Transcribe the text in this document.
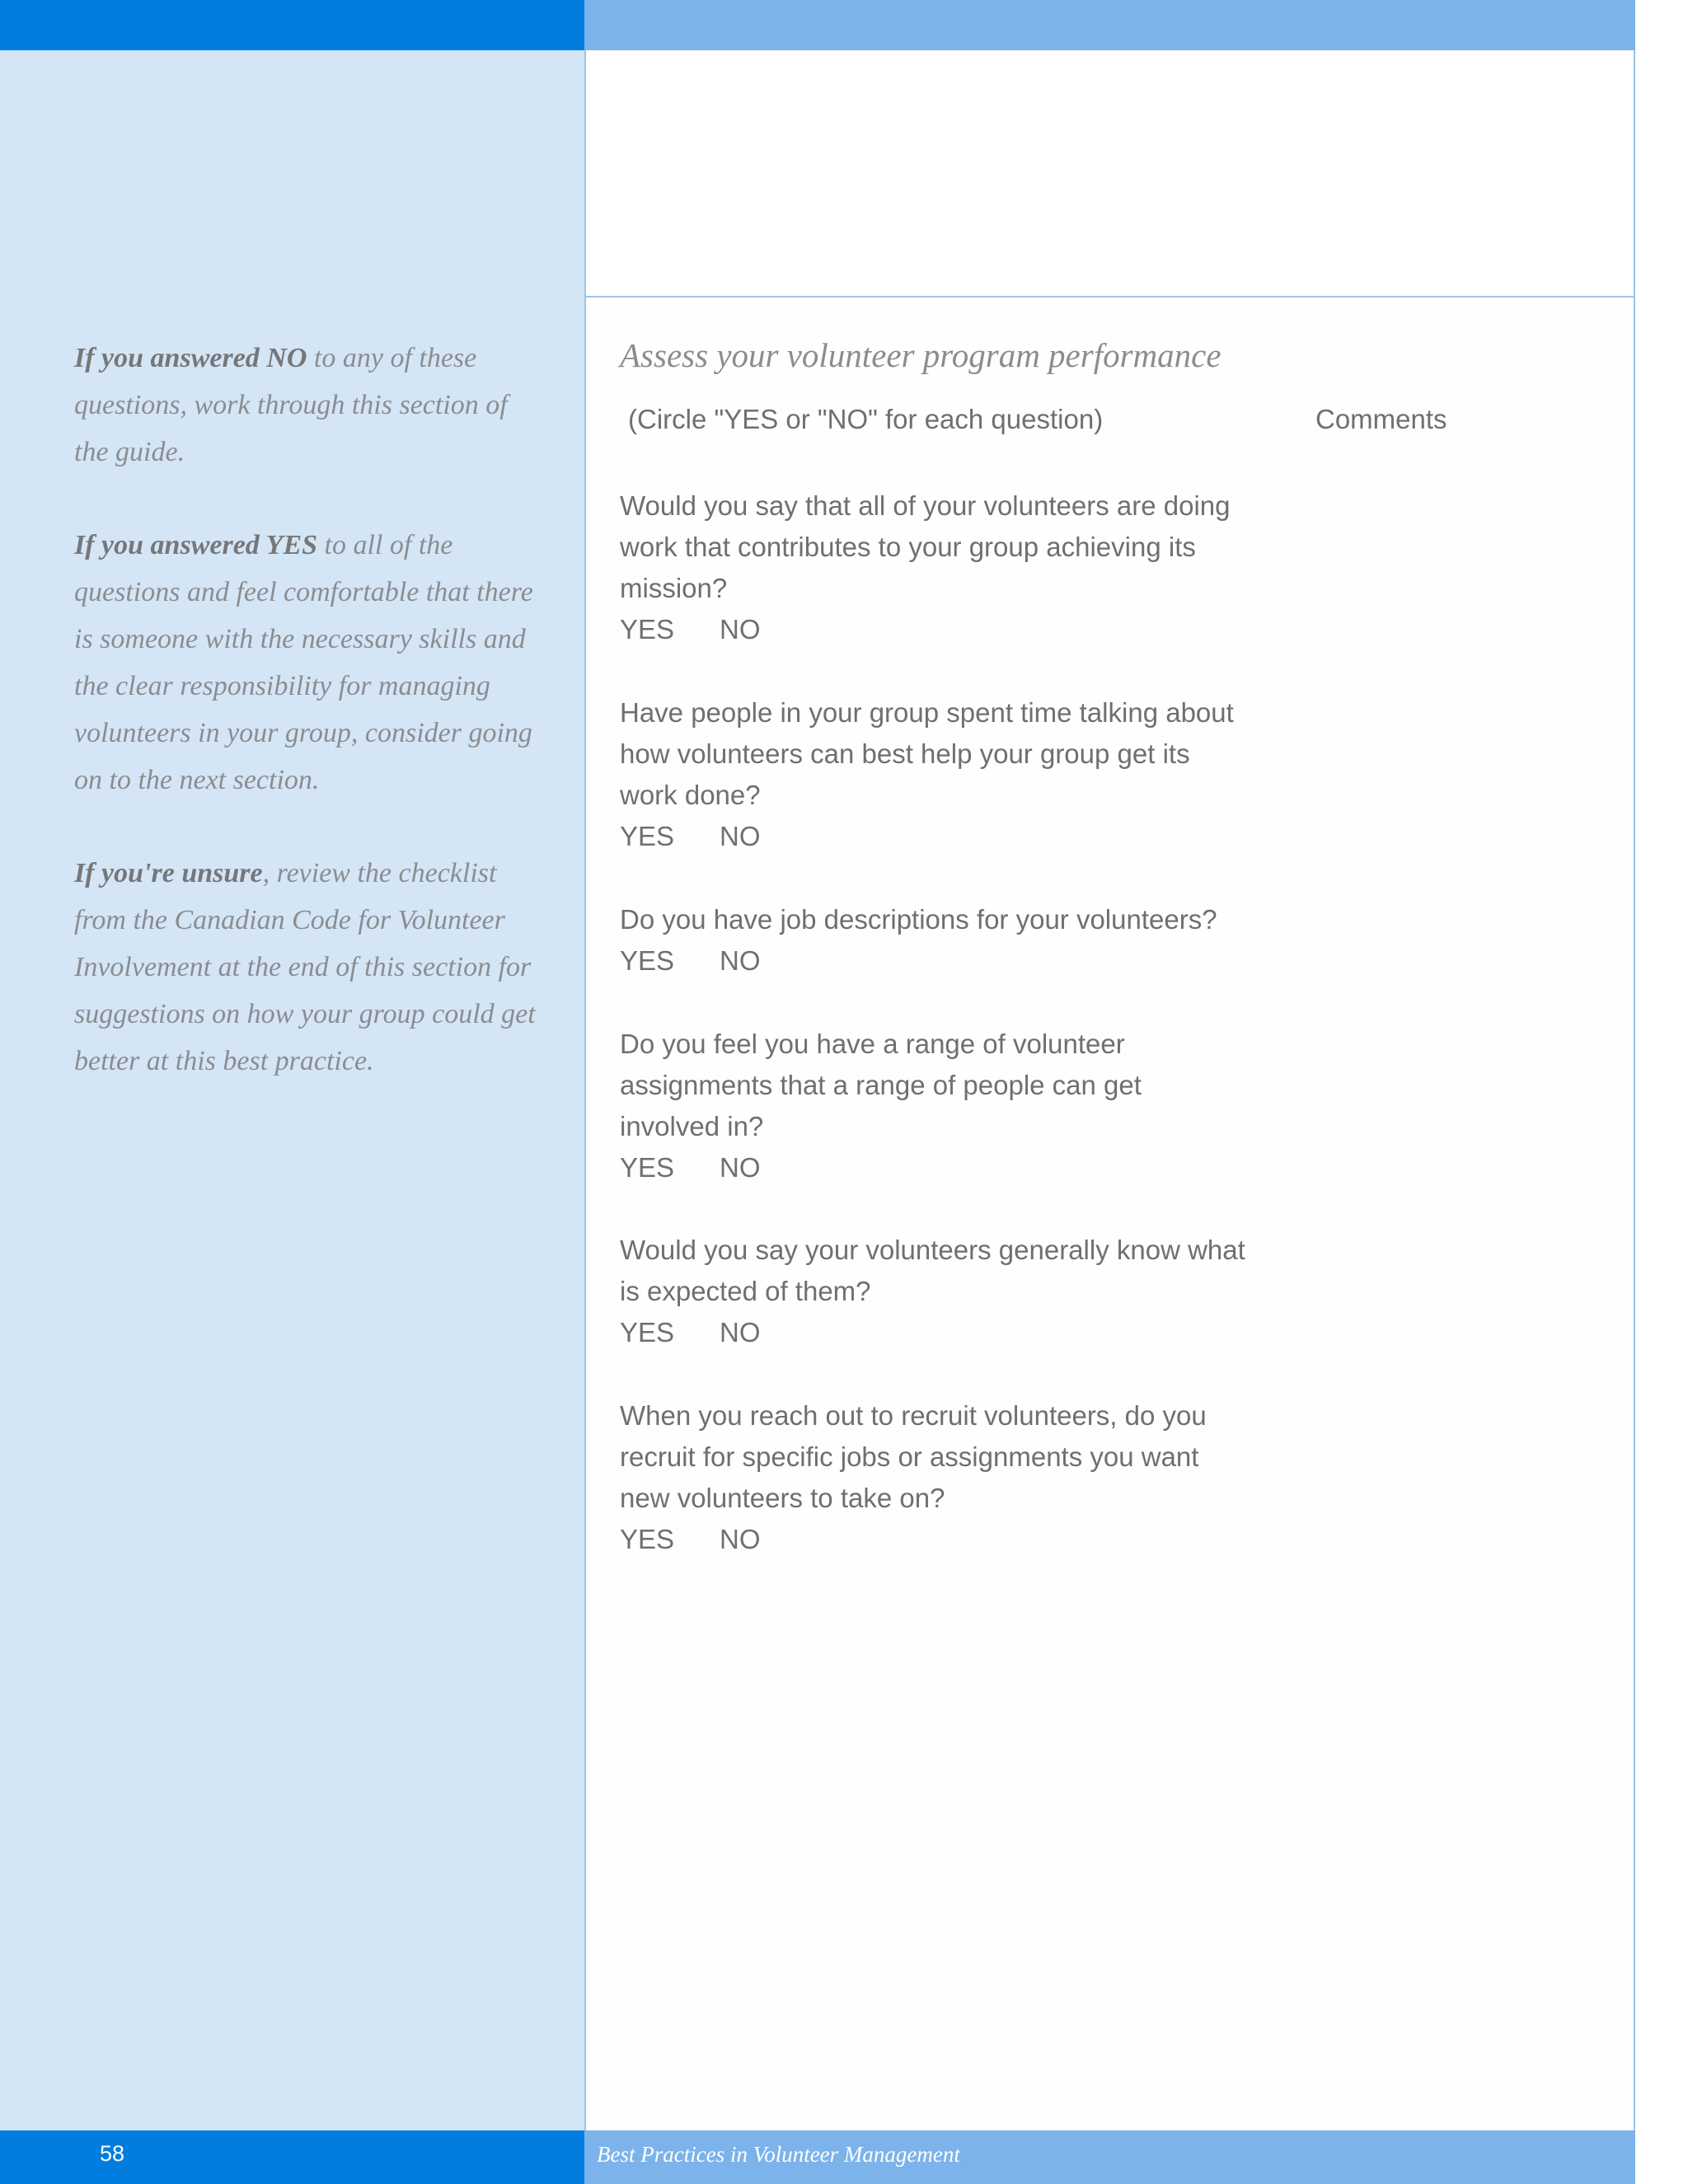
If you answered NO to any of these questions, work through this section of the guide.
If you answered YES to all of the questions and feel comfortable that there is someone with the necessary skills and the clear responsibility for managing volunteers in your group, consider going on to the next section.
If you're unsure, review the checklist from the Canadian Code for Volunteer Involvement at the end of this section for suggestions on how your group could get better at this best practice.
Assess your volunteer program performance
(Circle "YES or "NO" for each question)	Comments
Would you say that all of your volunteers are doing work that contributes to your group achieving its mission?
YES NO
Have people in your group spent time talking about how volunteers can best help your group get its work done?
YES NO
Do you have job descriptions for your volunteers?
YES NO
Do you feel you have a range of volunteer assignments that a range of people can get involved in?
YES NO
Would you say your volunteers generally know what is expected of them?
YES NO
When you reach out to recruit volunteers, do you recruit for specific jobs or assignments you want new volunteers to take on?
YES NO
58	Best Practices in Volunteer Management
